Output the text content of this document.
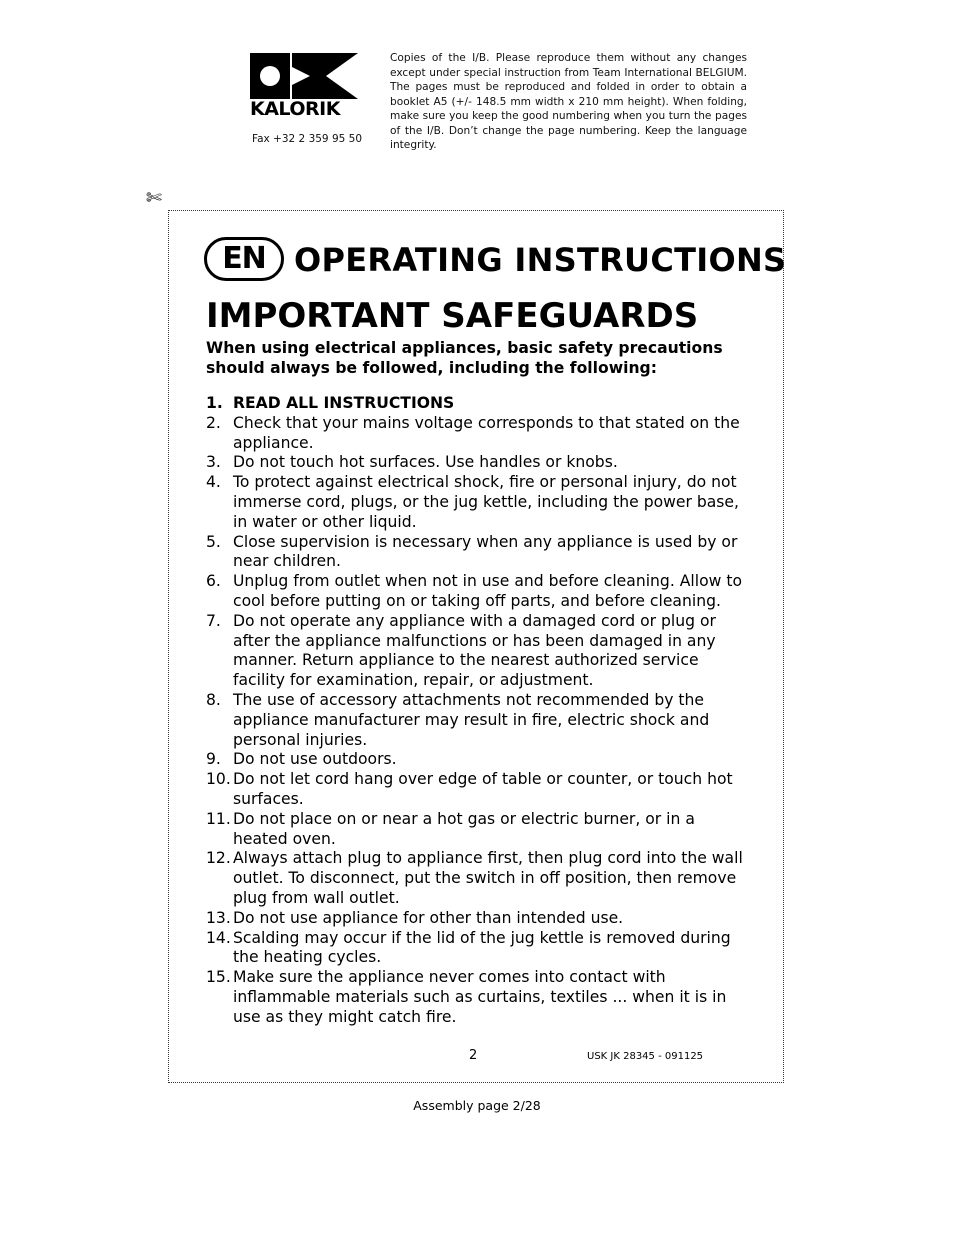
KALORIK
Fax +32 2 359 95 50
Copies of the I/B. Please reproduce them without any changes except under special instruction from Team International BELGIUM. The pages must be reproduced and folded in order to obtain a booklet A5 (+/- 148.5 mm width x 210 mm height). When folding, make sure you keep the good numbering when you turn the pages of the I/B. Don’t change the page numbering. Keep the language integrity.
✄
EN OPERATING INSTRUCTIONS
IMPORTANT SAFEGUARDS
When using electrical appliances, basic safety precautions should always be followed, including the following:
1. READ ALL INSTRUCTIONS
2. Check that your mains voltage corresponds to that stated on the appliance.
3. Do not touch hot surfaces. Use handles or knobs.
4. To protect against electrical shock, fire or personal injury, do not immerse cord, plugs, or the jug kettle, including the power base, in water or other liquid.
5. Close supervision is necessary when any appliance is used by or near children.
6. Unplug from outlet when not in use and before cleaning. Allow to cool before putting on or taking off parts, and before cleaning.
7. Do not operate any appliance with a damaged cord or plug or after the appliance malfunctions or has been damaged in any manner. Return appliance to the nearest authorized service facility for examination, repair, or adjustment.
8. The use of accessory attachments not recommended by the appliance manufacturer may result in fire, electric shock and personal injuries.
9. Do not use outdoors.
10. Do not let cord hang over edge of table or counter, or touch hot surfaces.
11. Do not place on or near a hot gas or electric burner, or in a heated oven.
12. Always attach plug to appliance first, then plug cord into the wall outlet. To disconnect, put the switch in off position, then remove plug from wall outlet.
13. Do not use appliance for other than intended use.
14. Scalding may occur if the lid of the jug kettle is removed during the heating cycles.
15. Make sure the appliance never comes into contact with inflammable materials such as curtains, textiles ... when it is in use as they might catch fire.
2	USK JK 28345 - 091125
Assembly page 2/28
